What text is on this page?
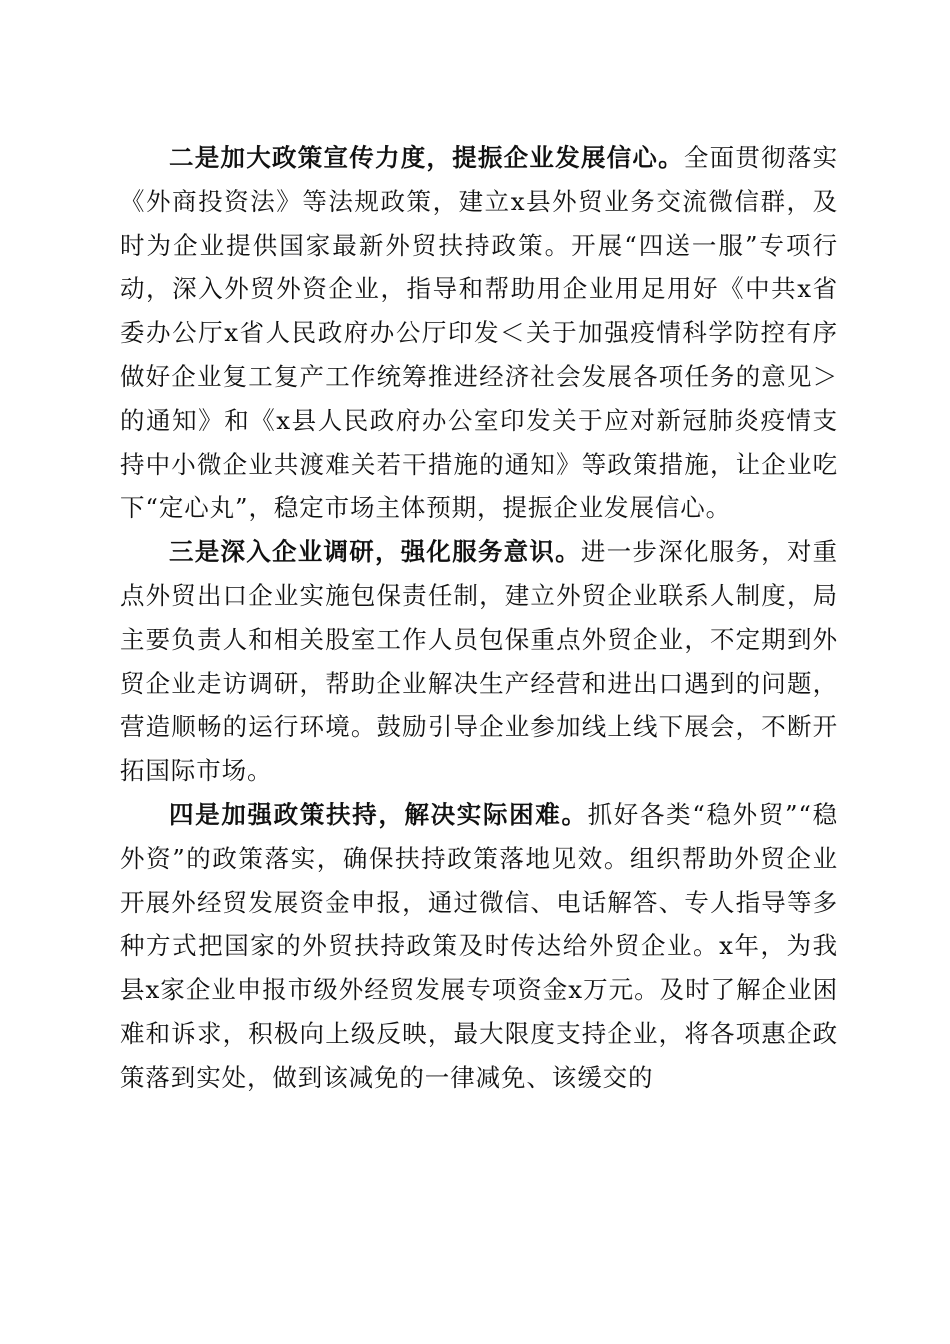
二是加大政策宣传力度，提振企业发展信心。全面贯彻落实《外商投资法》等法规政策，建立x县外贸业务交流微信群，及时为企业提供国家最新外贸扶持政策。开展“四送一服”专项行动，深入外贸外资企业，指导和帮助用企业用足用好《中共x省委办公厅x省人民政府办公厅印发＜关于加强疫情科学防控有序做好企业复工复产工作统筹推进经济社会发展各项任务的意见＞的通知》和《x县人民政府办公室印发关于应对新冠肺炎疫情支持中小微企业共渡难关若干措施的通知》等政策措施，让企业吃下“定心丸”，稳定市场主体预期，提振企业发展信心。

三是深入企业调研，强化服务意识。进一步深化服务，对重点外贸出口企业实施包保责任制，建立外贸企业联系人制度，局主要负责人和相关股室工作人员包保重点外贸企业，不定期到外贸企业走访调研，帮助企业解决生产经营和进出口遇到的问题，营造顺畅的运行环境。鼓励引导企业参加线上线下展会，不断开拓国际市场。

四是加强政策扶持，解决实际困难。抓好各类“稳外贸”“稳外资”的政策落实，确保扶持政策落地见效。组织帮助外贸企业开展外经贸发展资金申报，通过微信、电话解答、专人指导等多种方式把国家的外贸扶持政策及时传达给外贸企业。x年，为我县x家企业申报市级外经贸发展专项资金x万元。及时了解企业困难和诉求，积极向上级反映，最大限度支持企业，将各项惠企政策落到实处，做到该减免的一律减免、该缓交的
